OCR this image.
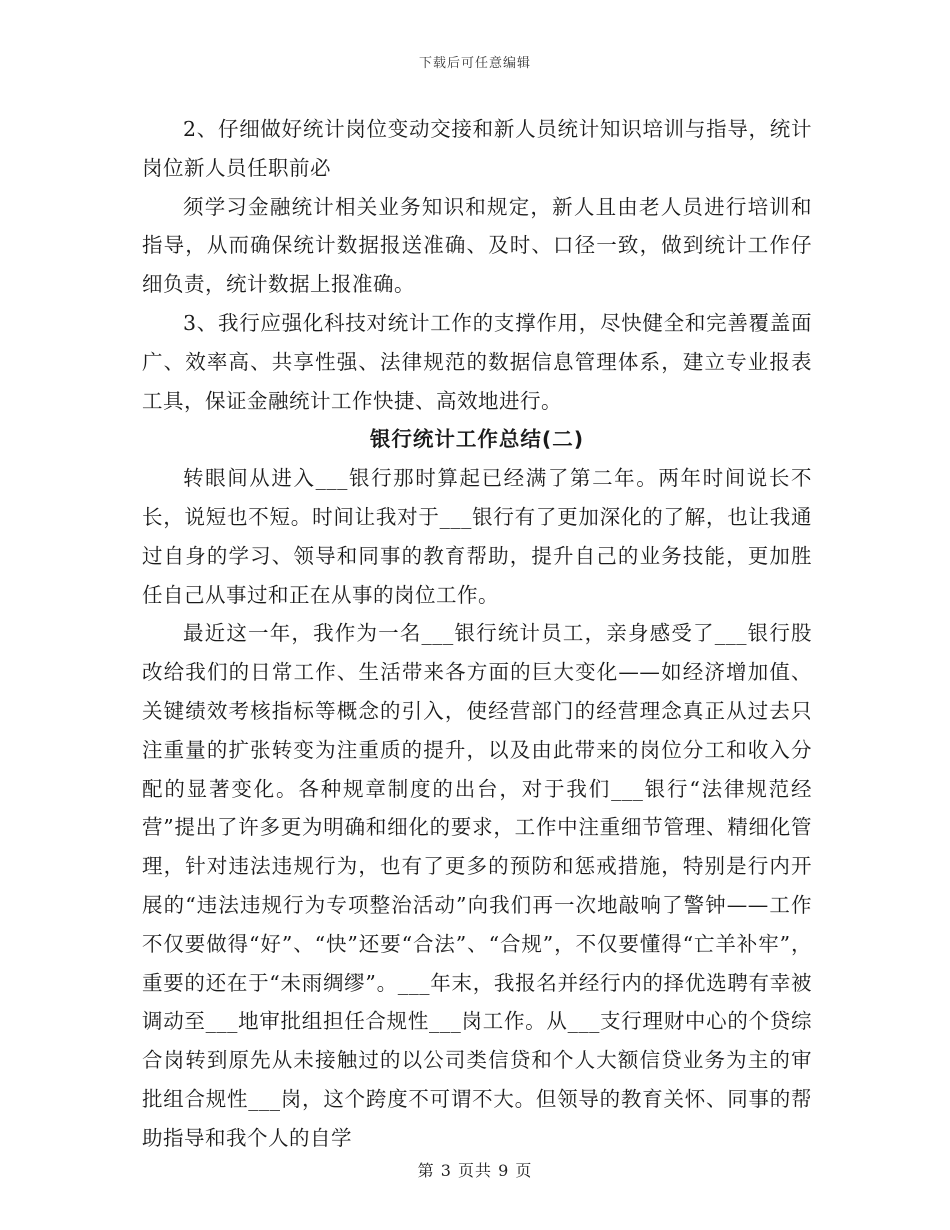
下载后可任意编辑

2、仔细做好统计岗位变动交接和新人员统计知识培训与指导，统计岗位新人员任职前必

须学习金融统计相关业务知识和规定，新人且由老人员进行培训和指导，从而确保统计数据报送准确、及时、口径一致，做到统计工作仔细负责，统计数据上报准确。

3、我行应强化科技对统计工作的支撑作用，尽快健全和完善覆盖面广、效率高、共享性强、法律规范的数据信息管理体系，建立专业报表工具，保证金融统计工作快捷、高效地进行。

银行统计工作总结(二)

转眼间从进入___银行那时算起已经满了第二年。两年时间说长不长，说短也不短。时间让我对于___银行有了更加深化的了解，也让我通过自身的学习、领导和同事的教育帮助，提升自己的业务技能，更加胜任自己从事过和正在从事的岗位工作。

最近这一年，我作为一名___银行统计员工，亲身感受了___银行股改给我们的日常工作、生活带来各方面的巨大变化——如经济增加值、关键绩效考核指标等概念的引入，使经营部门的经营理念真正从过去只注重量的扩张转变为注重质的提升，以及由此带来的岗位分工和收入分配的显著变化。各种规章制度的出台，对于我们___银行“法律规范经营”提出了许多更为明确和细化的要求，工作中注重细节管理、精细化管理，针对违法违规行为，也有了更多的预防和惩戒措施，特别是行内开展的“违法违规行为专项整治活动”向我们再一次地敲响了警钟——工作不仅要做得“好”、“快”还要“合法”、“合规”，不仅要懂得“亡羊补牢”，重要的还在于“未雨绸缪”。___年末，我报名并经行内的择优选聘有幸被调动至___地审批组担任合规性___岗工作。从___支行理财中心的个贷综合岗转到原先从未接触过的以公司类信贷和个人大额信贷业务为主的审批组合规性___岗，这个跨度不可谓不大。但领导的教育关怀、同事的帮助指导和我个人的自学

第 3 页共 9 页
